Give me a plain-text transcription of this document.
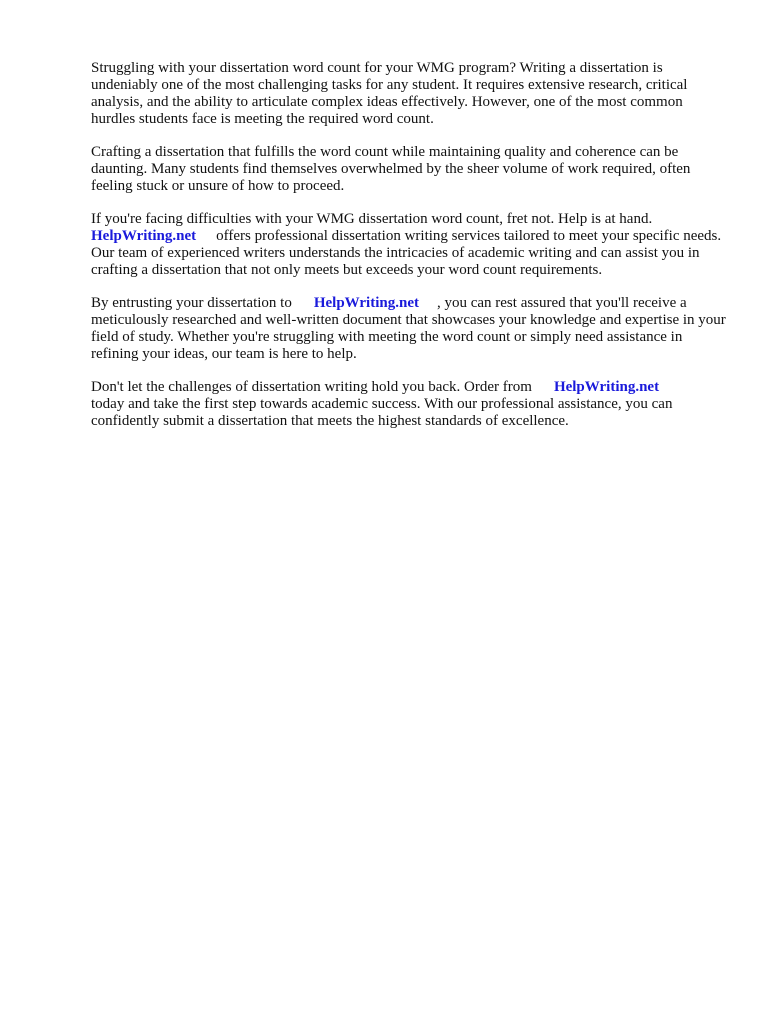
Struggling with your dissertation word count for your WMG program? Writing a dissertation is undeniably one of the most challenging tasks for any student. It requires extensive research, critical analysis, and the ability to articulate complex ideas effectively. However, one of the most common hurdles students face is meeting the required word count.

Crafting a dissertation that fulfills the word count while maintaining quality and coherence can be daunting. Many students find themselves overwhelmed by the sheer volume of work required, often feeling stuck or unsure of how to proceed.

If you're facing difficulties with your WMG dissertation word count, fret not. Help is at hand.
HelpWriting.net offers professional dissertation writing services tailored to meet your specific needs. Our team of experienced writers understands the intricacies of academic writing and can assist you in crafting a dissertation that not only meets but exceeds your word count requirements.

By entrusting your dissertation to HelpWriting.net , you can rest assured that you'll receive a meticulously researched and well-written document that showcases your knowledge and expertise in your field of study. Whether you're struggling with meeting the word count or simply need assistance in refining your ideas, our team is here to help.

Don't let the challenges of dissertation writing hold you back. Order from HelpWriting.net
today and take the first step towards academic success. With our professional assistance, you can confidently submit a dissertation that meets the highest standards of excellence.
